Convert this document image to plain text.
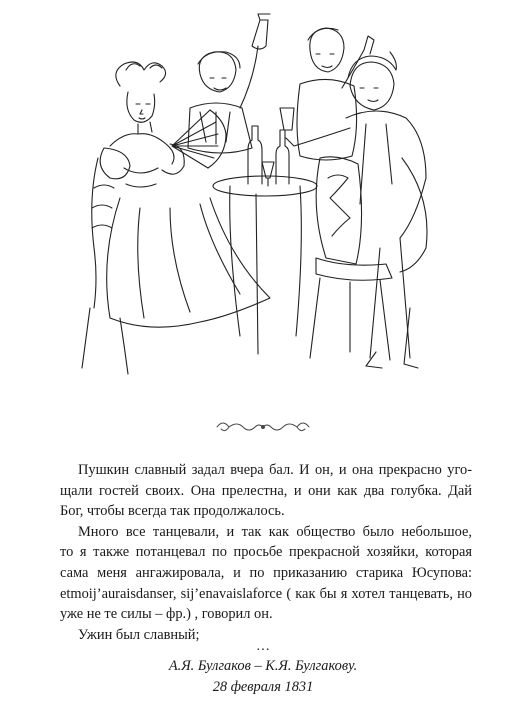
Пушкин славный задал вчера бал. И он, и она прекрасно уго-
щали гостей своих. Она прелестна, и они как два голубка. Дай
Бог, чтобы всегда так продолжалось.
Много все танцевали, и так как общество было небольшое,
то я также потанцевал по просьбе прекрасной хозяйки, которая
сама меня ангажировала, и по приказанию старика Юсупова:
etmoij’auraisdanser, sij’enavaislaforce ( как бы я хотел танцевать, но
уже не те силы – фр.) , говорил он.
Ужин был славный;
…
А.Я. Булгаков – К.Я. Булгакову.
28 февраля 1831
